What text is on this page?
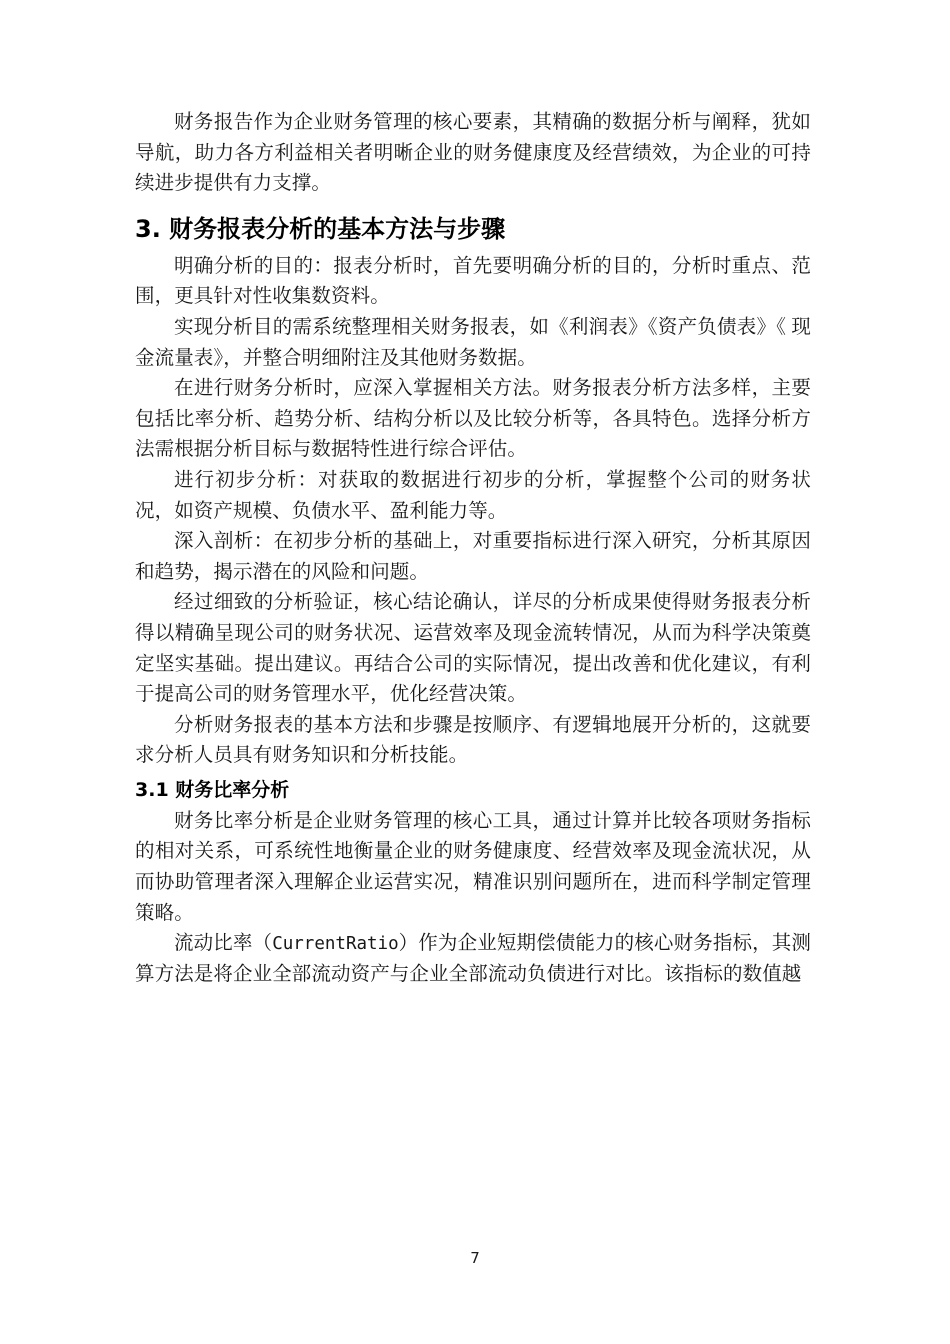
财务报告作为企业财务管理的核心要素，其精确的数据分析与阐释，犹如导航，助力各方利益相关者明晰企业的财务健康度及经营绩效，为企业的可持续进步提供有力支撑。

3. 财务报表分析的基本方法与步骤

明确分析的目的：报表分析时，首先要明确分析的目的，分析时重点、范 围，更具针对性收集数资料。

实现分析目的需系统整理相关财务报表，如《利润表》《资产负债表》《 现金流量表》，并整合明细附注及其他财务数据。

在进行财务分析时，应深入掌握相关方法。财务报表分析方法多样，主要包括比率分析、趋势分析、结构分析以及比较分析等，各具特色。选择分析方法需根据分析目标与数据特性进行综合评估。

进行初步分析：对获取的数据进行初步的分析，掌握整个公司的财务状况，如资产规模、负债水平、盈利能力等。

深入剖析：在初步分析的基础上，对重要指标进行深入研究，分析其原因和趋势，揭示潜在的风险和问题。

经过细致的分析验证，核心结论确认，详尽的分析成果使得财务报表分析得以精确呈现公司的财务状况、运营效率及现金流转情况，从而为科学决策奠定坚实基础。提出建议。再结合公司的实际情况，提出改善和优化建议，有利于提高公司的财务管理水平，优化经营决策。

分析财务报表的基本方法和步骤是按顺序、有逻辑地展开分析的，这就要求分析人员具有财务知识和分析技能。

3.1 财务比率分析

财务比率分析是企业财务管理的核心工具，通过计算并比较各项财务指标的相对关系，可系统性地衡量企业的财务健康度、经营效率及现金流状况，从而协助管理者深入理解企业运营实况，精准识别问题所在，进而科学制定管理策略。

流动比率（CurrentRatio）作为企业短期偿债能力的核心财务指标，其测 算方法是将企业全部流动资产与企业全部流动负债进行对比。该指标的数值越

7
